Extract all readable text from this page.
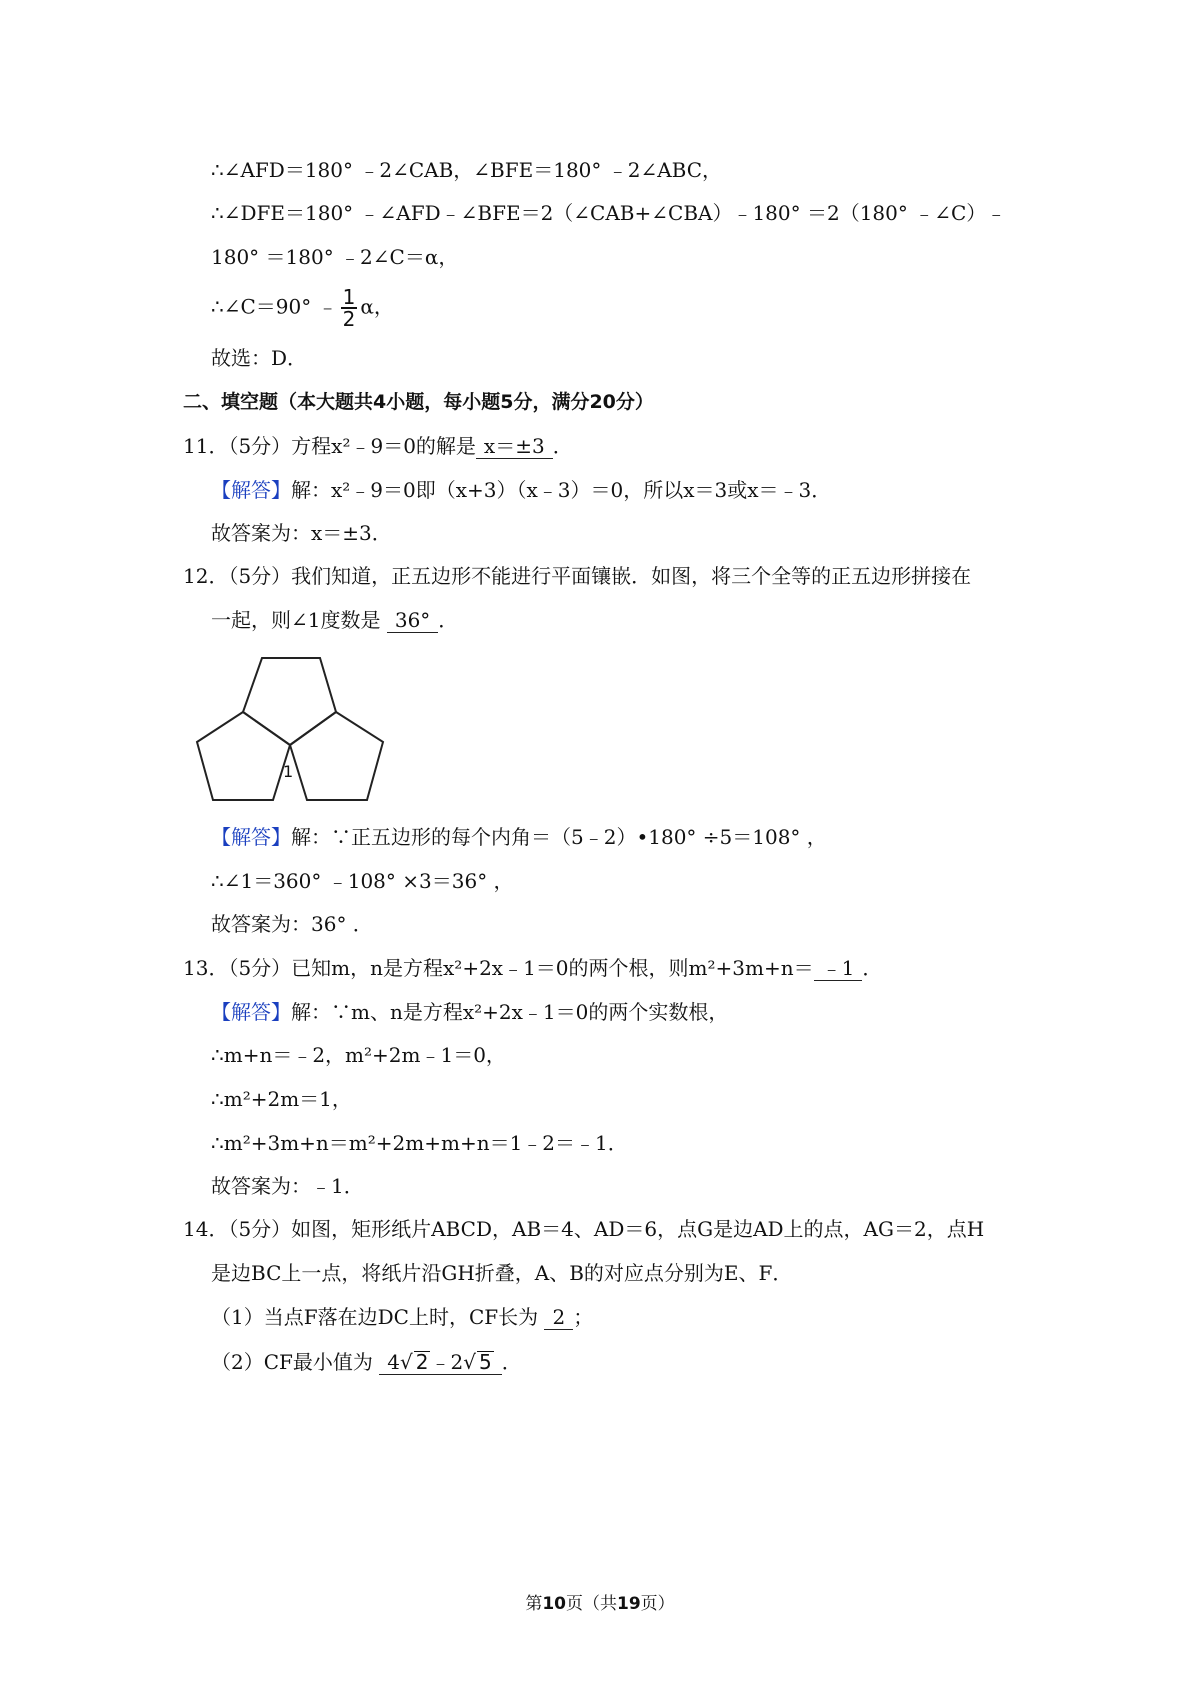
∴∠AFD＝180° ﹣2∠CAB，∠BFE＝180° ﹣2∠ABC，
∴∠DFE＝180° ﹣∠AFD﹣∠BFE＝2（∠CAB+∠CBA）﹣180° ＝2（180° ﹣∠C）﹣
180° ＝180° ﹣2∠C＝α，
∴∠C＝90° ﹣ $\frac{1}{2}$ α，
故选：D．
二、填空题（本大题共4小题，每小题5分，满分20分）
11．（5分）方程x²﹣9＝0的解是 x＝±3 ．
【解答】解：x²﹣9＝0即（x+3）（x﹣3）＝0，所以x＝3或x＝﹣3．
故答案为：x＝±3．
12．（5分）我们知道，正五边形不能进行平面镶嵌．如图，将三个全等的正五边形拼接在
一起，则∠1度数是 36° ．
1
【解答】解：∵正五边形的每个内角＝（5﹣2）•180° ÷5＝108° ，
∴∠1＝360° ﹣108° ×3＝36° ，
故答案为：36° ．
13．（5分）已知m，n是方程x²+2x﹣1＝0的两个根，则m²+3m+n＝ ﹣1 ．
【解答】解：∵m、n是方程x²+2x﹣1＝0的两个实数根，
∴m+n＝﹣2，m²+2m﹣1＝0，
∴m²+2m＝1，
∴m²+3m+n＝m²+2m+m+n＝1﹣2＝﹣1．
故答案为：﹣1．
14．（5分）如图，矩形纸片ABCD，AB＝4、AD＝6，点G是边AD上的点，AG＝2，点H
是边BC上一点，将纸片沿GH折叠，A、B的对应点分别为E、F．
（1）当点F落在边DC上时，CF长为 2 ；
（2）CF最小值为 4√ 2 ﹣2√ 5 ．
第10页（共19页）
